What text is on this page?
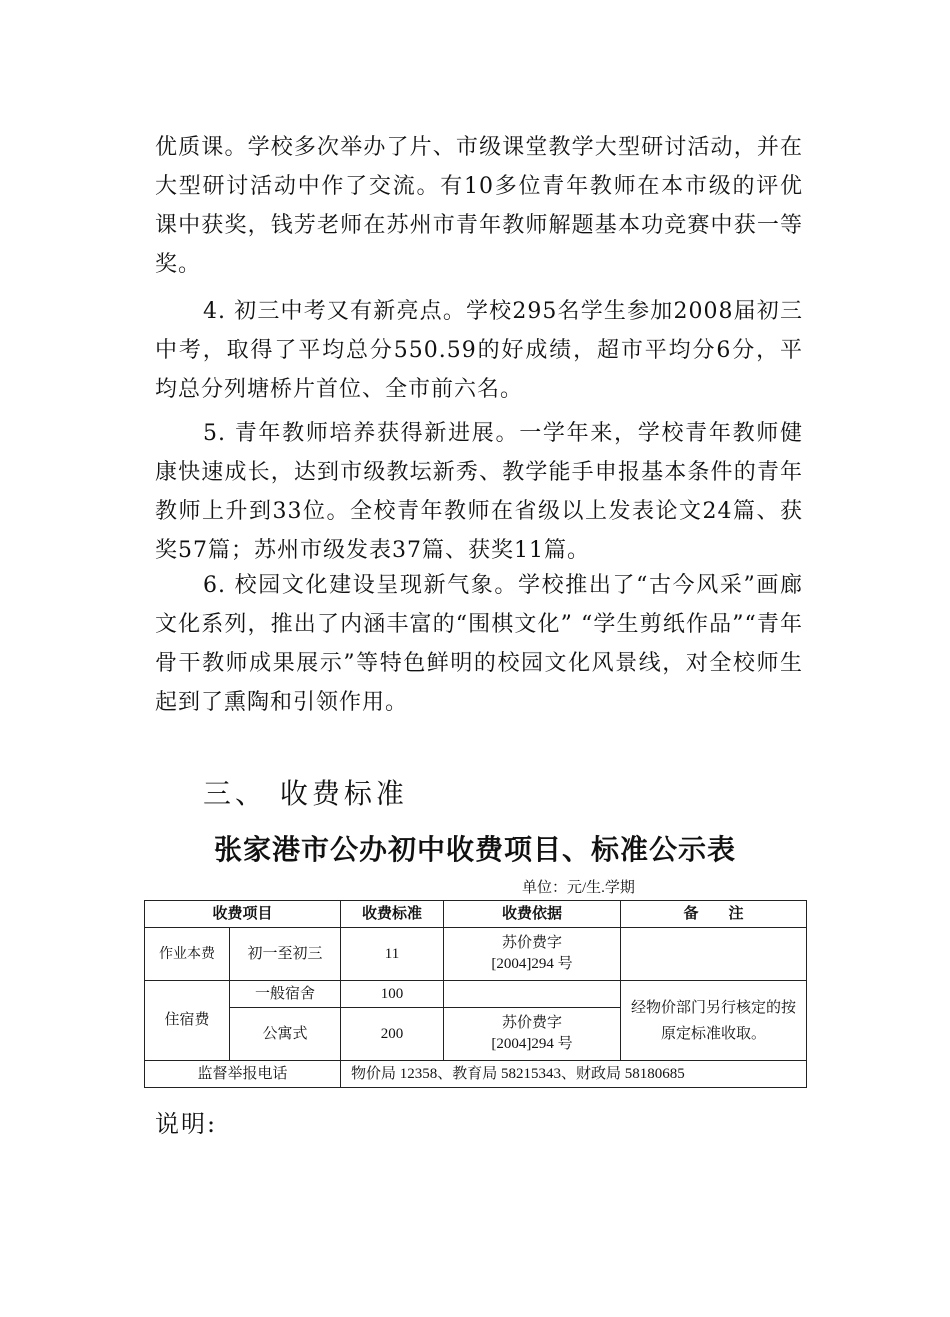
优质课。学校多次举办了片、市级课堂教学大型研讨活动，并在大型研讨活动中作了交流。有10多位青年教师在本市级的评优课中获奖，钱芳老师在苏州市青年教师解题基本功竞赛中获一等奖。

4. 初三中考又有新亮点。学校295名学生参加2008届初三中考，取得了平均总分550.59的好成绩，超市平均分6分，平均总分列塘桥片首位、全市前六名。

5. 青年教师培养获得新进展。一学年来，学校青年教师健康快速成长，达到市级教坛新秀、教学能手申报基本条件的青年教师上升到33位。全校青年教师在省级以上发表论文24篇、获奖57篇；苏州市级发表37篇、获奖11篇。

6. 校园文化建设呈现新气象。学校推出了“古今风采”画廊文化系列，推出了内涵丰富的“围棋文化” “学生剪纸作品”“青年骨干教师成果展示”等特色鲜明的校园文化风景线，对全校师生起到了熏陶和引领作用。

三、 收费标准
张家港市公办初中收费项目、标准公示表
单位：元/生.学期
收费项目		收费标准	收费依据	备　　注
作业本费	初一至初三	11	苏价费字
[2004]294 号	

住宿费	一般宿舍	100		经物价部门另行核定的按原定标准收取。
	公寓式	200	苏价费字
[2004]294 号	

监督举报电话		物价局 12358、教育局 58215343、财政局 58180685		

说明:
